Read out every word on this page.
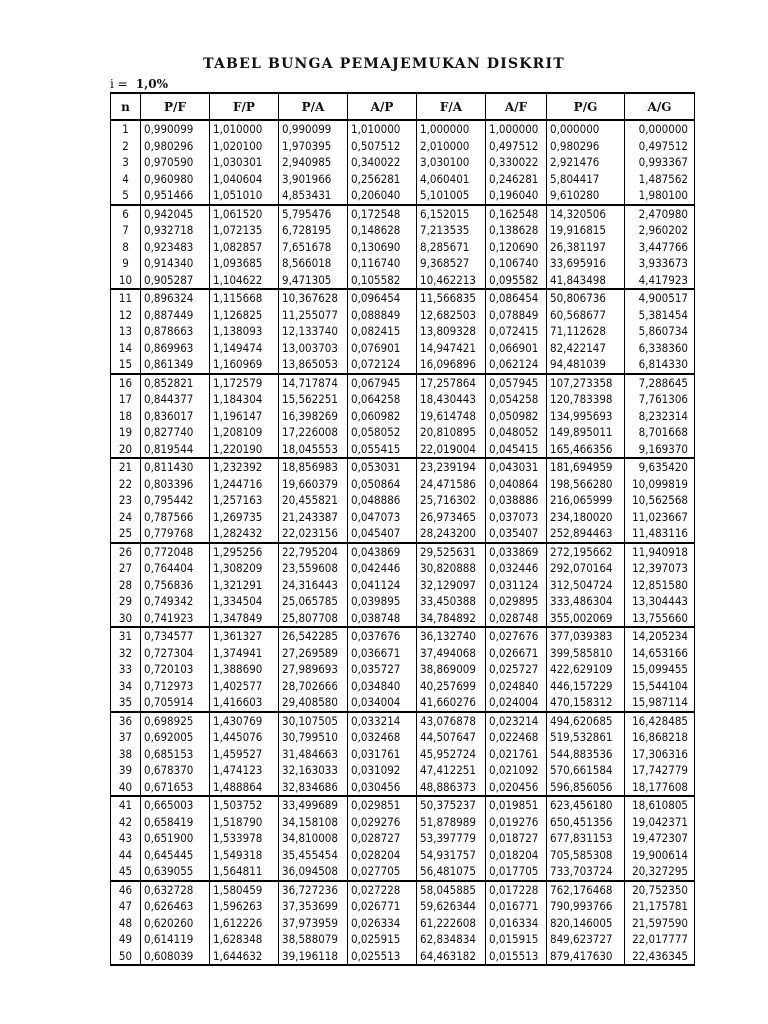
TABEL BUNGA PEMAJEMUKAN DISKRIT
i = 1,0%
n	P/F	F/P	P/A	A/P	F/A	A/F	P/G	A/G
1	0,990099	1,010000	0,990099	1,010000	1,000000	1,000000	0,000000	0,000000
2	0,980296	1,020100	1,970395	0,507512	2,010000	0,497512	0,980296	0,497512
3	0,970590	1,030301	2,940985	0,340022	3,030100	0,330022	2,921476	0,993367
4	0,960980	1,040604	3,901966	0,256281	4,060401	0,246281	5,804417	1,487562
5	0,951466	1,051010	4,853431	0,206040	5,101005	0,196040	9,610280	1,980100
6	0,942045	1,061520	5,795476	0,172548	6,152015	0,162548	14,320506	2,470980
7	0,932718	1,072135	6,728195	0,148628	7,213535	0,138628	19,916815	2,960202
8	0,923483	1,082857	7,651678	0,130690	8,285671	0,120690	26,381197	3,447766
9	0,914340	1,093685	8,566018	0,116740	9,368527	0,106740	33,695916	3,933673
10	0,905287	1,104622	9,471305	0,105582	10,462213	0,095582	41,843498	4,417923
11	0,896324	1,115668	10,367628	0,096454	11,566835	0,086454	50,806736	4,900517
12	0,887449	1,126825	11,255077	0,088849	12,682503	0,078849	60,568677	5,381454
13	0,878663	1,138093	12,133740	0,082415	13,809328	0,072415	71,112628	5,860734
14	0,869963	1,149474	13,003703	0,076901	14,947421	0,066901	82,422147	6,338360
15	0,861349	1,160969	13,865053	0,072124	16,096896	0,062124	94,481039	6,814330
16	0,852821	1,172579	14,717874	0,067945	17,257864	0,057945	107,273358	7,288645
17	0,844377	1,184304	15,562251	0,064258	18,430443	0,054258	120,783398	7,761306
18	0,836017	1,196147	16,398269	0,060982	19,614748	0,050982	134,995693	8,232314
19	0,827740	1,208109	17,226008	0,058052	20,810895	0,048052	149,895011	8,701668
20	0,819544	1,220190	18,045553	0,055415	22,019004	0,045415	165,466356	9,169370
21	0,811430	1,232392	18,856983	0,053031	23,239194	0,043031	181,694959	9,635420
22	0,803396	1,244716	19,660379	0,050864	24,471586	0,040864	198,566280	10,099819
23	0,795442	1,257163	20,455821	0,048886	25,716302	0,038886	216,065999	10,562568
24	0,787566	1,269735	21,243387	0,047073	26,973465	0,037073	234,180020	11,023667
25	0,779768	1,282432	22,023156	0,045407	28,243200	0,035407	252,894463	11,483116
26	0,772048	1,295256	22,795204	0,043869	29,525631	0,033869	272,195662	11,940918
27	0,764404	1,308209	23,559608	0,042446	30,820888	0,032446	292,070164	12,397073
28	0,756836	1,321291	24,316443	0,041124	32,129097	0,031124	312,504724	12,851580
29	0,749342	1,334504	25,065785	0,039895	33,450388	0,029895	333,486304	13,304443
30	0,741923	1,347849	25,807708	0,038748	34,784892	0,028748	355,002069	13,755660
31	0,734577	1,361327	26,542285	0,037676	36,132740	0,027676	377,039383	14,205234
32	0,727304	1,374941	27,269589	0,036671	37,494068	0,026671	399,585810	14,653166
33	0,720103	1,388690	27,989693	0,035727	38,869009	0,025727	422,629109	15,099455
34	0,712973	1,402577	28,702666	0,034840	40,257699	0,024840	446,157229	15,544104
35	0,705914	1,416603	29,408580	0,034004	41,660276	0,024004	470,158312	15,987114
36	0,698925	1,430769	30,107505	0,033214	43,076878	0,023214	494,620685	16,428485
37	0,692005	1,445076	30,799510	0,032468	44,507647	0,022468	519,532861	16,868218
38	0,685153	1,459527	31,484663	0,031761	45,952724	0,021761	544,883536	17,306316
39	0,678370	1,474123	32,163033	0,031092	47,412251	0,021092	570,661584	17,742779
40	0,671653	1,488864	32,834686	0,030456	48,886373	0,020456	596,856056	18,177608
41	0,665003	1,503752	33,499689	0,029851	50,375237	0,019851	623,456180	18,610805
42	0,658419	1,518790	34,158108	0,029276	51,878989	0,019276	650,451356	19,042371
43	0,651900	1,533978	34,810008	0,028727	53,397779	0,018727	677,831153	19,472307
44	0,645445	1,549318	35,455454	0,028204	54,931757	0,018204	705,585308	19,900614
45	0,639055	1,564811	36,094508	0,027705	56,481075	0,017705	733,703724	20,327295
46	0,632728	1,580459	36,727236	0,027228	58,045885	0,017228	762,176468	20,752350
47	0,626463	1,596263	37,353699	0,026771	59,626344	0,016771	790,993766	21,175781
48	0,620260	1,612226	37,973959	0,026334	61,222608	0,016334	820,146005	21,597590
49	0,614119	1,628348	38,588079	0,025915	62,834834	0,015915	849,623727	22,017777
50	0,608039	1,644632	39,196118	0,025513	64,463182	0,015513	879,417630	22,436345
